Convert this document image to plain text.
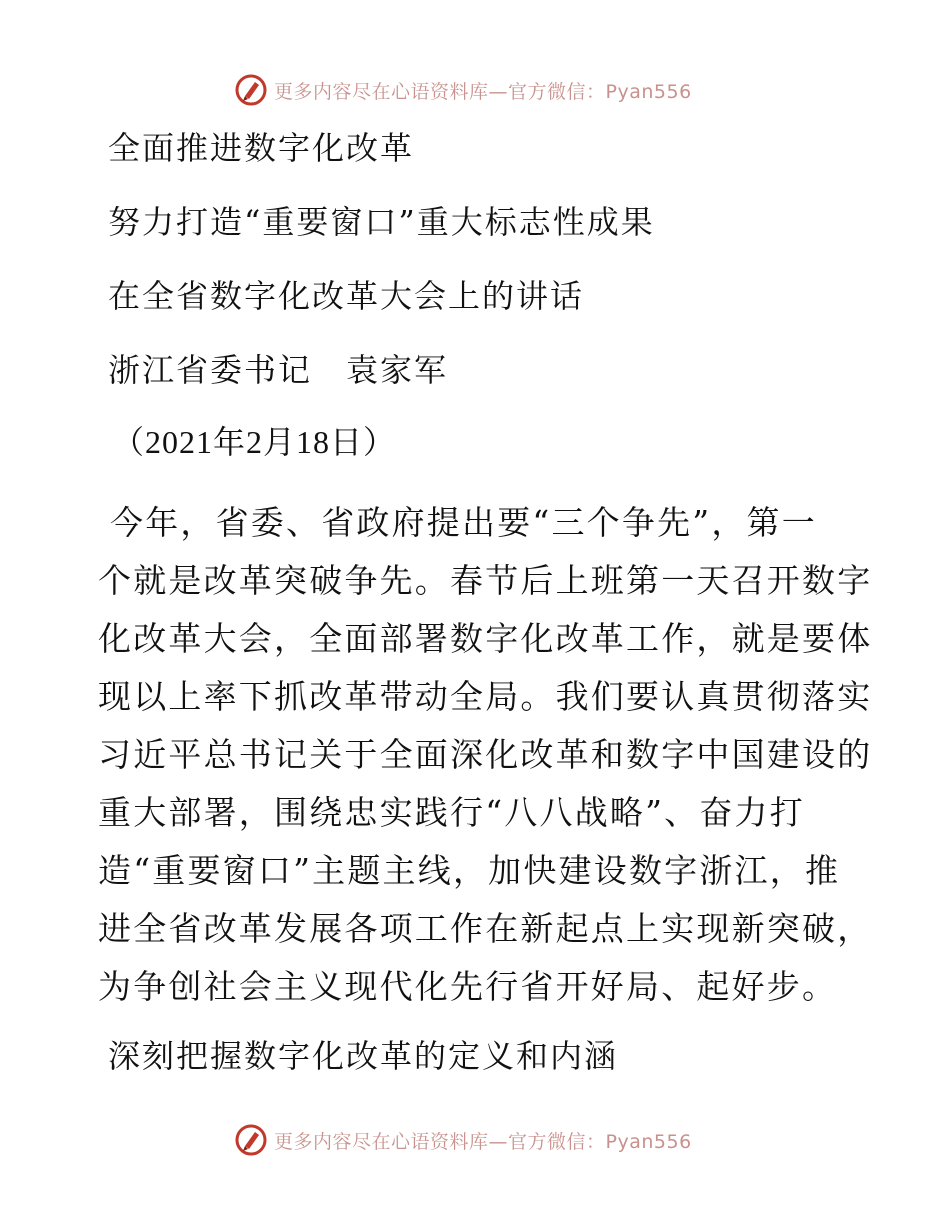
更多内容尽在心语资料库—官方微信：Pyan556
全面推进数字化改革
努力打造“重要窗口”重大标志性成果
在全省数字化改革大会上的讲话
浙江省委书记　袁家军
（2021年2月18日）
今年，省委、省政府提出要“三个争先”，第一
个就是改革突破争先。春节后上班第一天召开数字
化改革大会，全面部署数字化改革工作，就是要体
现以上率下抓改革带动全局。我们要认真贯彻落实
习近平总书记关于全面深化改革和数字中国建设的
重大部署，围绕忠实践行“八八战略”、奋力打
造“重要窗口”主题主线，加快建设数字浙江，推
进全省改革发展各项工作在新起点上实现新突破，
为争创社会主义现代化先行省开好局、起好步。
深刻把握数字化改革的定义和内涵
更多内容尽在心语资料库—官方微信：Pyan556
